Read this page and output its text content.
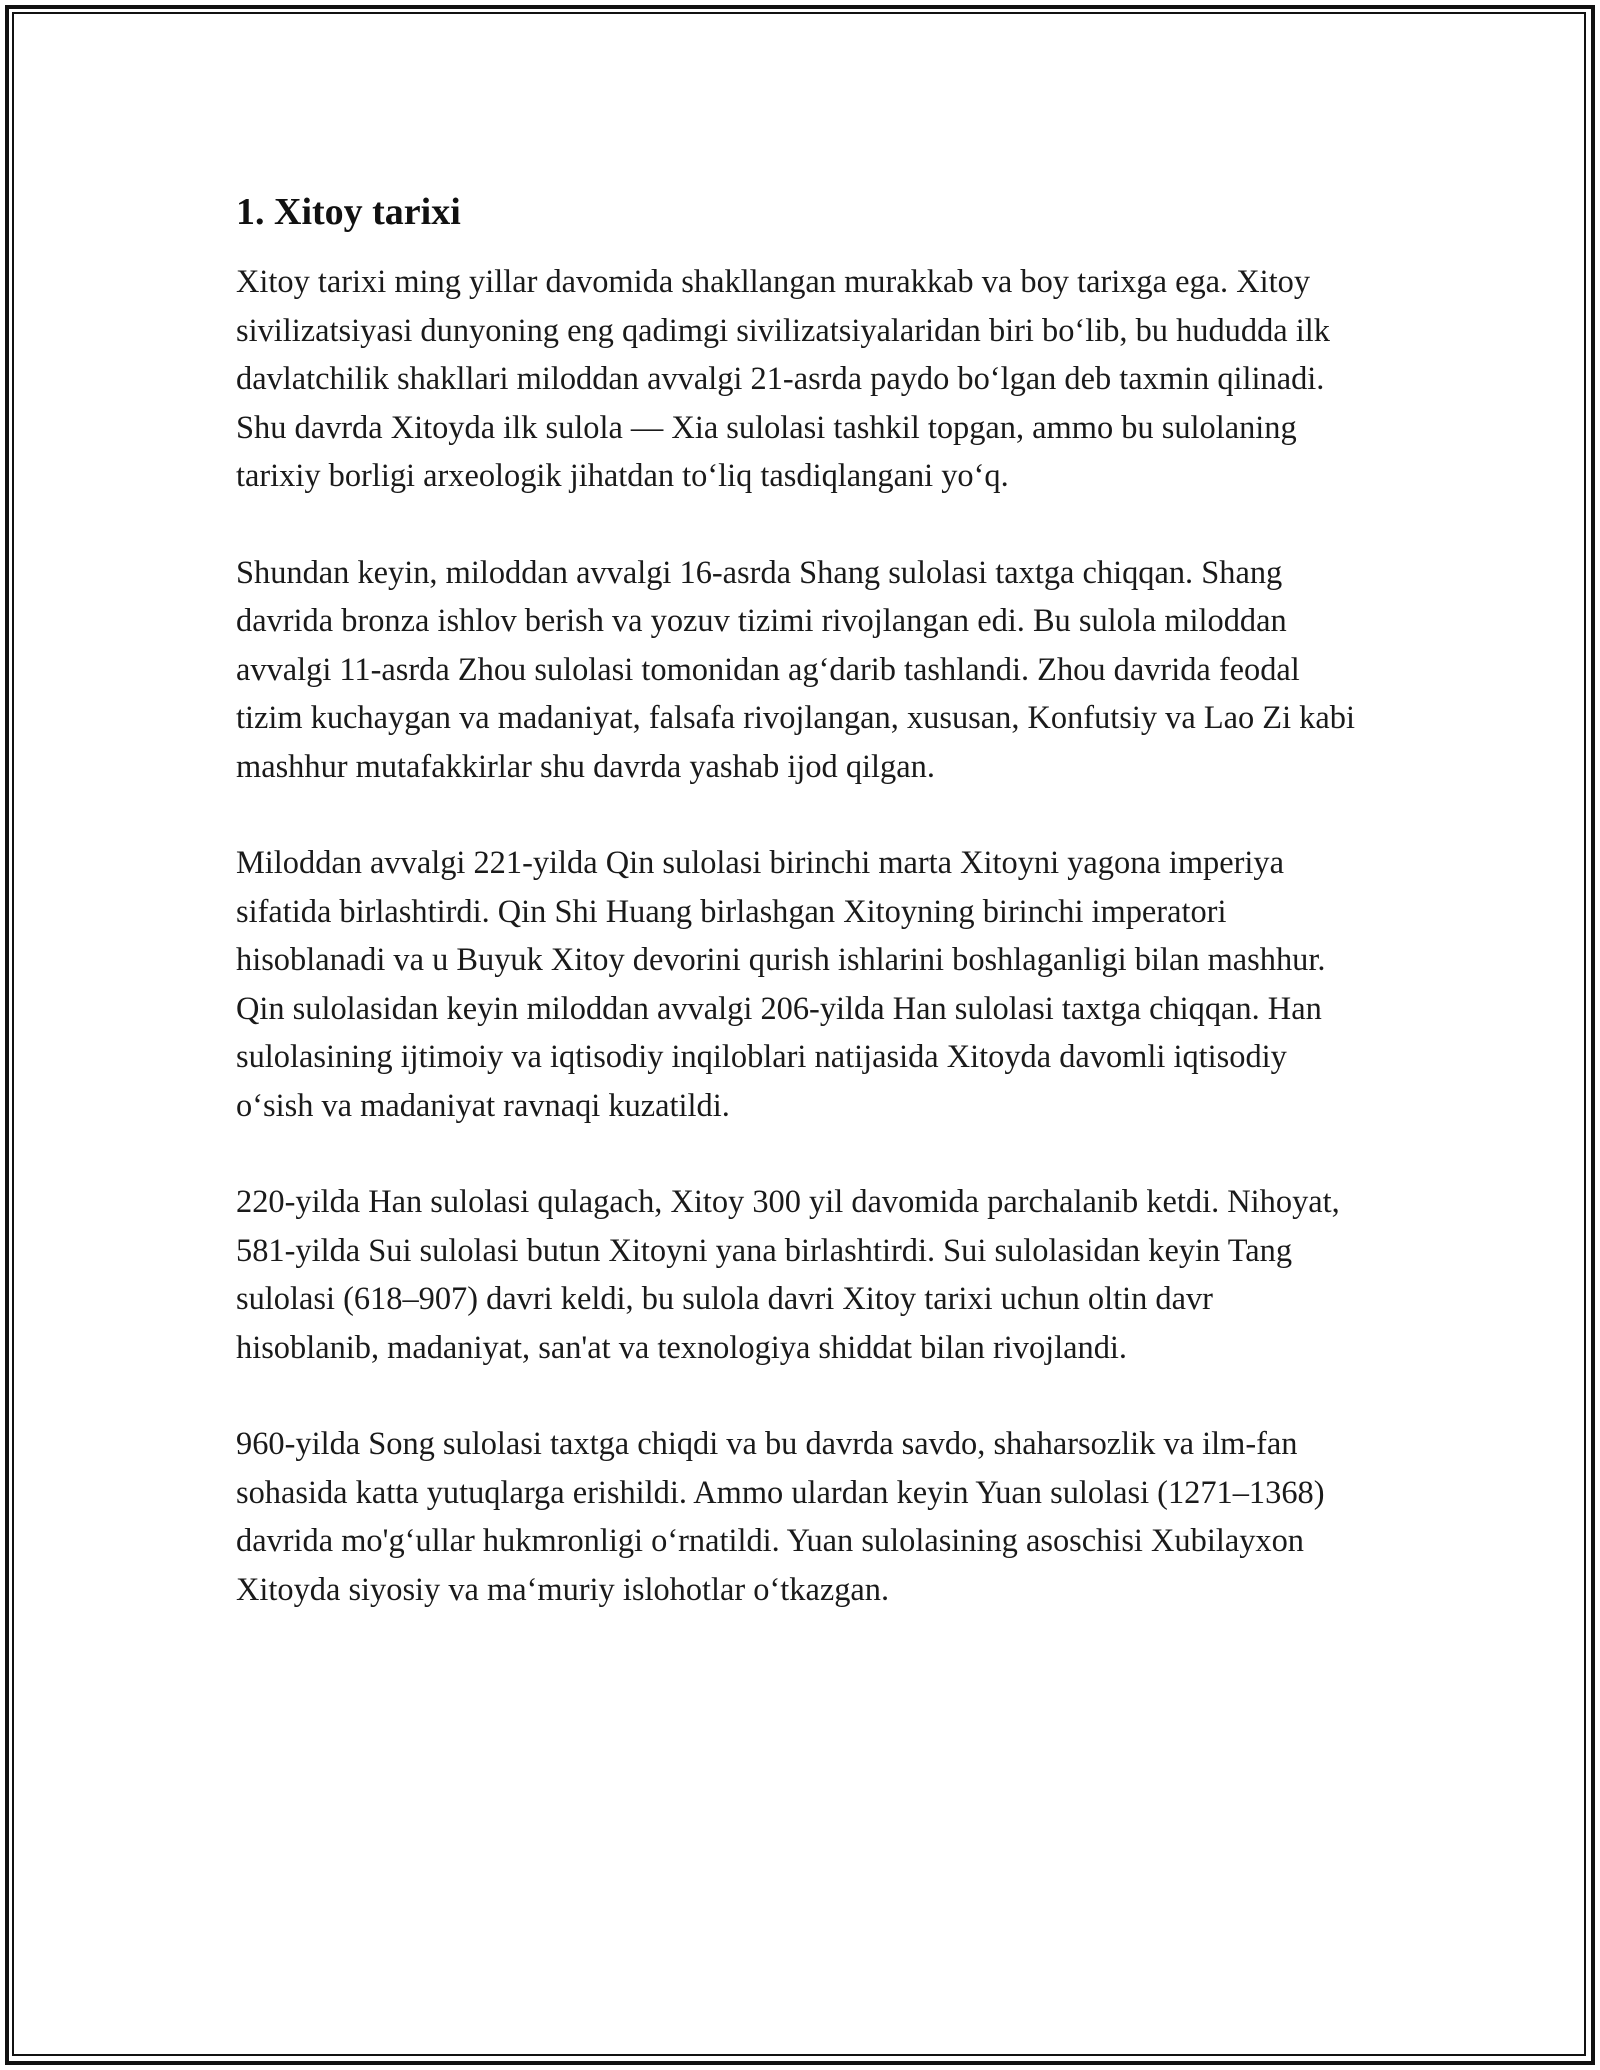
1. Xitoy tarixi

Xitoy tarixi ming yillar davomida shakllangan murakkab va boy tarixga ega. Xitoy sivilizatsiyasi dunyoning eng qadimgi sivilizatsiyalaridan biri bo‘lib, bu hududda ilk davlatchilik shakllari miloddan avvalgi 21-asrda paydo bo‘lgan deb taxmin qilinadi. Shu davrda Xitoyda ilk sulola — Xia sulolasi tashkil topgan, ammo bu sulolaning tarixiy borligi arxeologik jihatdan to‘liq tasdiqlangani yo‘q.

Shundan keyin, miloddan avvalgi 16-asrda Shang sulolasi taxtga chiqqan. Shang davrida bronza ishlov berish va yozuv tizimi rivojlangan edi. Bu sulola miloddan avvalgi 11-asrda Zhou sulolasi tomonidan ag‘darib tashlandi. Zhou davrida feodal tizim kuchaygan va madaniyat, falsafa rivojlangan, xususan, Konfutsiy va Lao Zi kabi mashhur mutafakkirlar shu davrda yashab ijod qilgan.

Miloddan avvalgi 221-yilda Qin sulolasi birinchi marta Xitoyni yagona imperiya sifatida birlashtirdi. Qin Shi Huang birlashgan Xitoyning birinchi imperatori hisoblanadi va u Buyuk Xitoy devorini qurish ishlarini boshlaganligi bilan mashhur. Qin sulolasidan keyin miloddan avvalgi 206-yilda Han sulolasi taxtga chiqqan. Han sulolasining ijtimoiy va iqtisodiy inqiloblari natijasida Xitoyda davomli iqtisodiy o‘sish va madaniyat ravnaqi kuzatildi.

220-yilda Han sulolasi qulagach, Xitoy 300 yil davomida parchalanib ketdi. Nihoyat, 581-yilda Sui sulolasi butun Xitoyni yana birlashtirdi. Sui sulolasidan keyin Tang sulolasi (618–907) davri keldi, bu sulola davri Xitoy tarixi uchun oltin davr hisoblanib, madaniyat, san'at va texnologiya shiddat bilan rivojlandi.

960-yilda Song sulolasi taxtga chiqdi va bu davrda savdo, shaharsozlik va ilm-fan sohasida katta yutuqlarga erishildi. Ammo ulardan keyin Yuan sulolasi (1271–1368) davrida mo'g‘ullar hukmronligi o‘rnatildi. Yuan sulolasining asoschisi Xubilayxon Xitoyda siyosiy va ma‘muriy islohotlar o‘tkazgan.
